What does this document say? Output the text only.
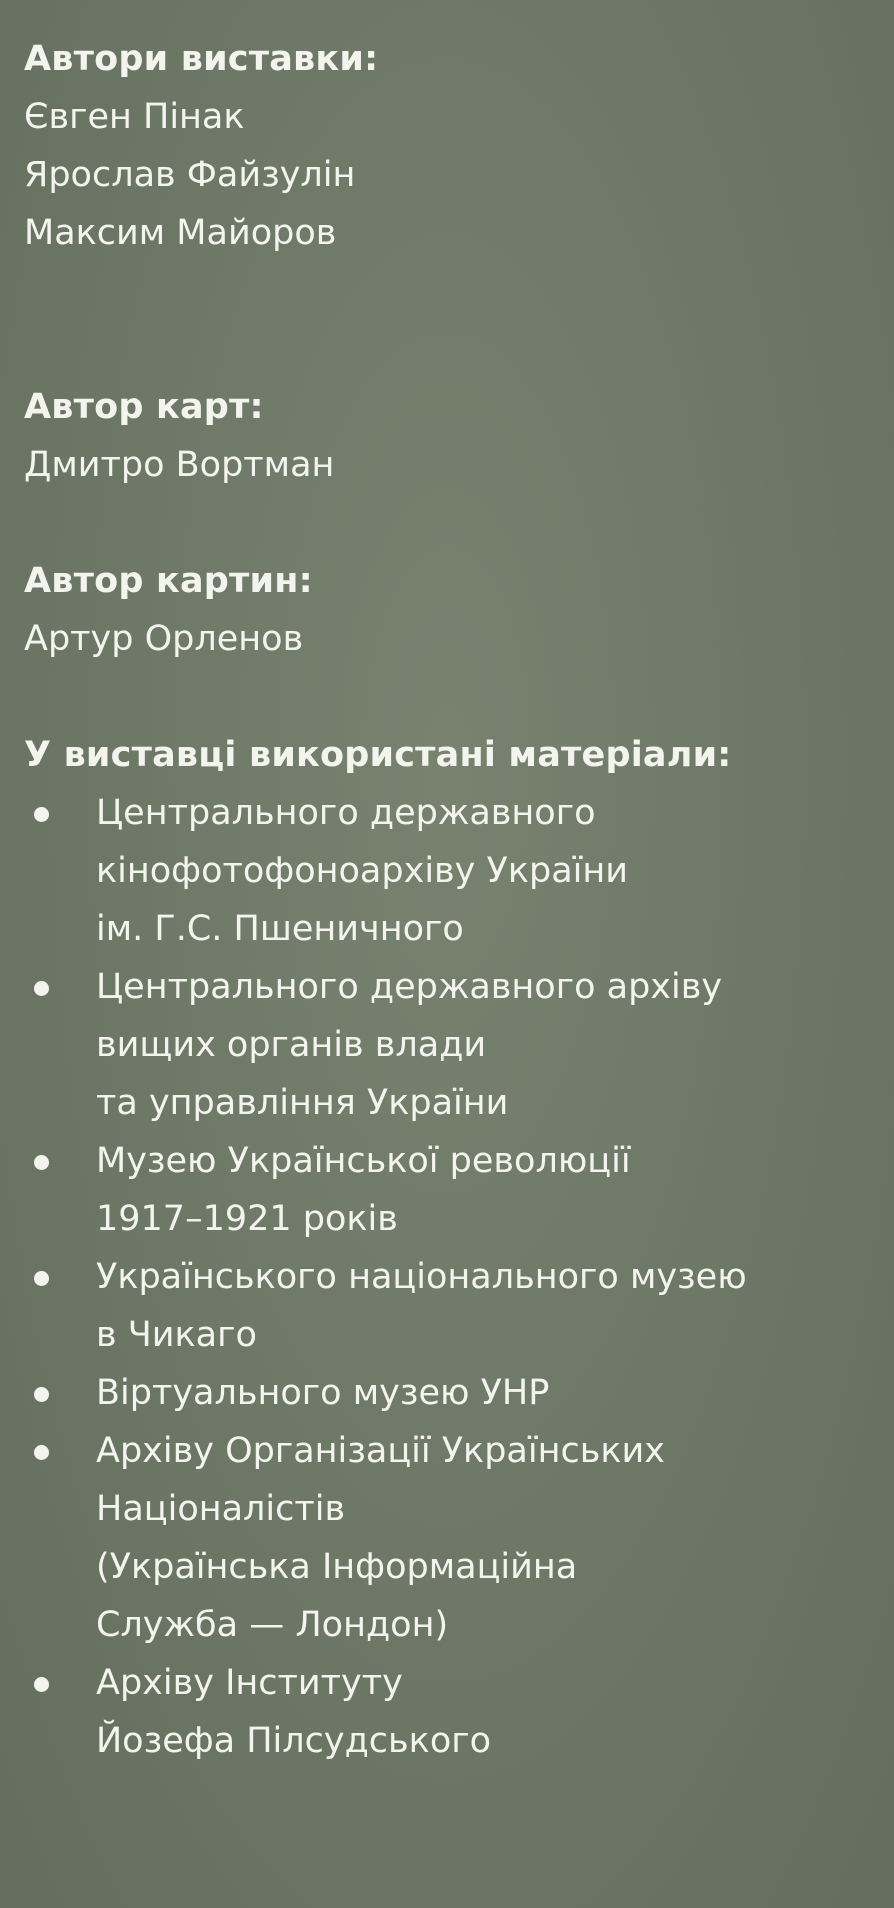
Автори виставки:

Євген Пінак

Ярослав Файзулін

Максим Майоров

Автор карт:

Дмитро Вортман

Автор картин:

Артур Орленов

У виставці використані матеріали:
Центрального державного
кінофотофоноархіву України
ім. Г.С. Пшеничного
Центрального державного архіву
вищих органів влади
та управління України
Музею Української революції
1917–1921 років
Українського національного музею
в Чикаго
Віртуального музею УНР
Архіву Організації Українських
Націоналістів
(Українська Інформаційна
Служба — Лондон)
Архіву Інституту
Йозефа Пілсудського
